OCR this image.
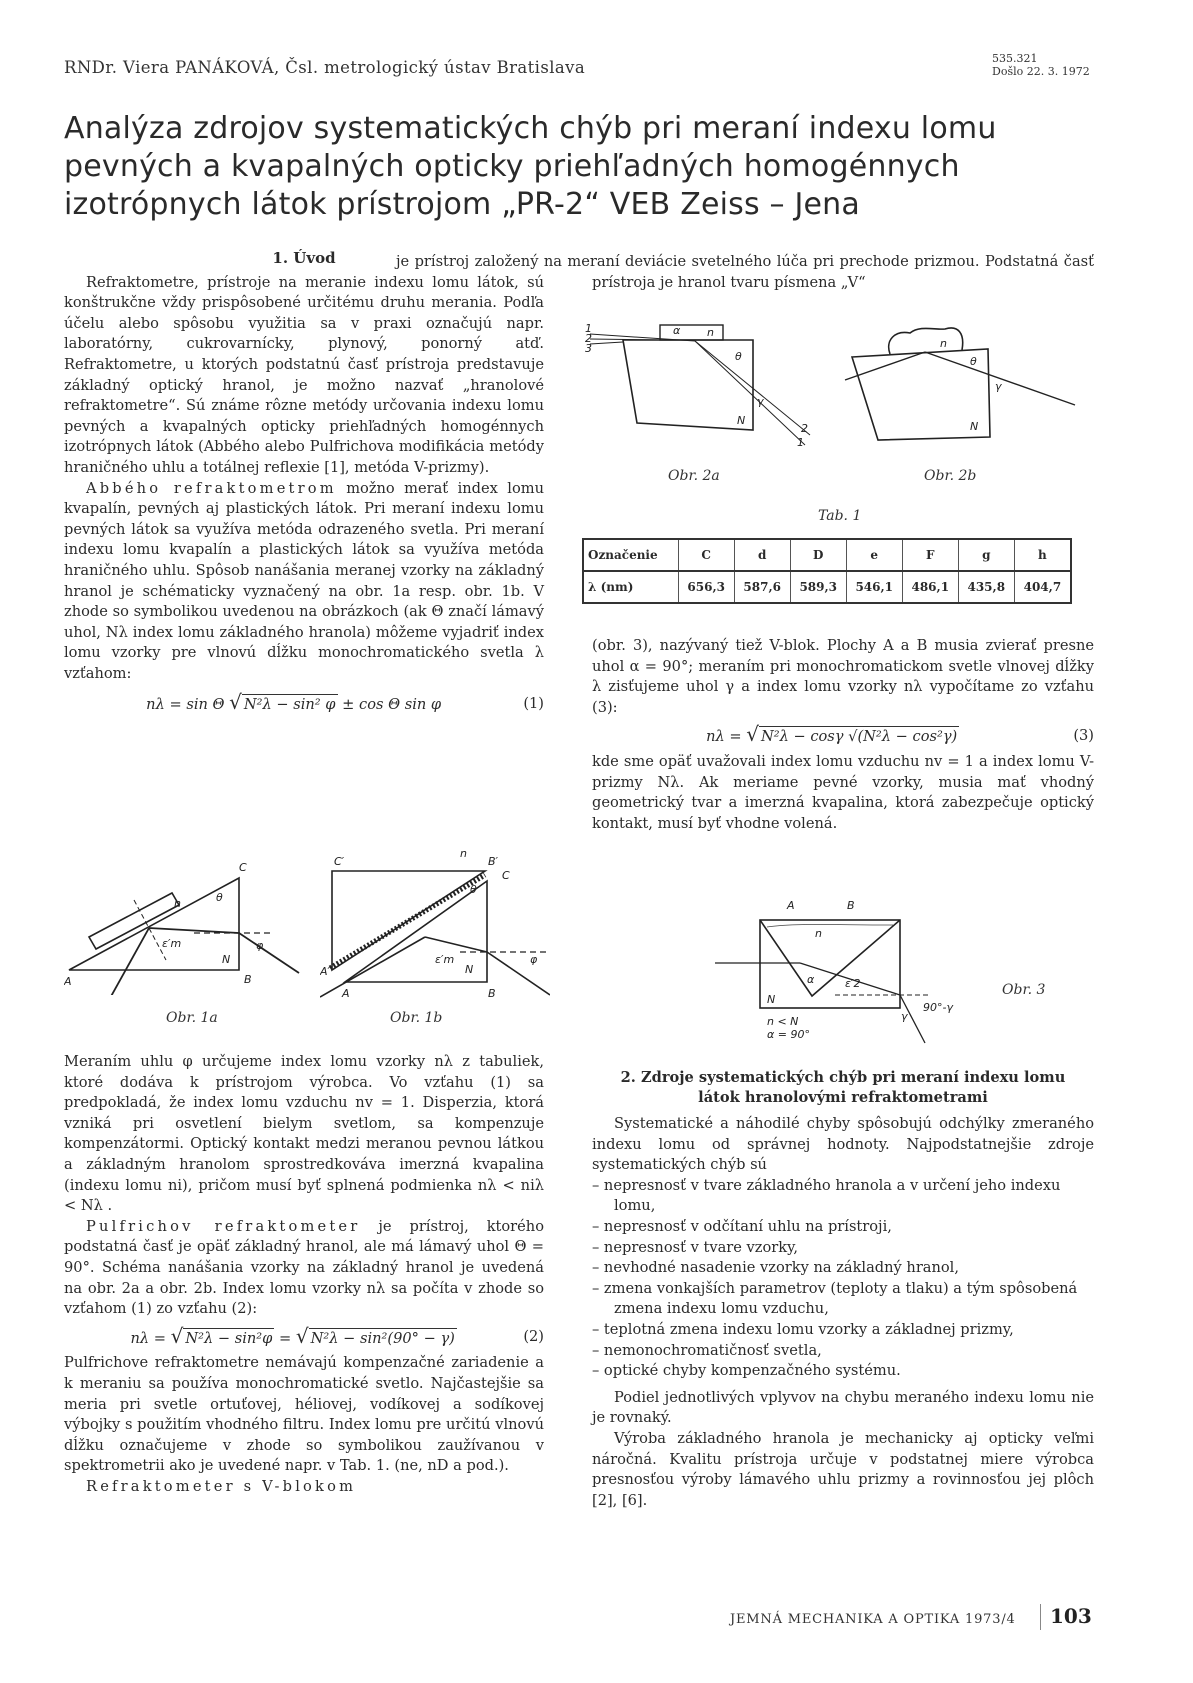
RNDr. Viera PANÁKOVÁ, Čsl. metrologický ústav Bratislava	535.321
Došlo 22. 3. 1972
Analýza zdrojov systematických chýb pri meraní indexu lomu pevných a kvapalných opticky priehľadných homogénnych izotrópnych látok prístrojom „PR-2“ VEB Zeiss – Jena
1. Úvod

Refraktometre, prístroje na meranie indexu lomu látok, sú konštrukčne vždy prispôsobené určitému druhu merania. Podľa účelu alebo spôsobu využitia sa v praxi označujú napr. laboratórny, cukrovarnícky, plynový, ponorný atď. Refraktometre, u ktorých podstatnú časť prístroja predstavuje základný optický hranol, je možno nazvať „hranolové refraktometre“. Sú známe rôzne metódy určovania indexu lomu pevných a kvapalných opticky priehľadných homogénnych izotrópnych látok (Abbého alebo Pulfrichova modifikácia metódy hraničného uhlu a totálnej reflexie [1], metóda V-prizmy).

Abbého refraktometrom možno merať index lomu kvapalín, pevných aj plastických látok. Pri meraní indexu lomu pevných látok sa využíva metóda odrazeného svetla. Pri meraní indexu lomu kvapalín a plastických látok sa využíva metóda hraničného uhlu. Spôsob nanášania meranej vzorky na základný hranol je schématicky vyznačený na obr. 1a resp. obr. 1b. V zhode so symbolikou uvedenou na obrázkoch (ak Θ značí lámavý uhol, Nλ index lomu základného hranola) môžeme vyjadriť index lomu vzorky pre vlnovú dĺžku monochromatického svetla λ vzťahom:

nλ = sin Θ √ N²λ − sin² φ ± cos Θ sin φ	(1)
C
A	B
N
n	θ
ε′m	φ
Obr. 1a
C′	B′
C
A′
A	B
N
n
θ
ε′m	φ
Obr. 1b

Meraním uhlu φ určujeme index lomu vzorky nλ z tabuliek, ktoré dodáva k prístrojom výrobca. Vo vzťahu (1) sa predpokladá, že index lomu vzduchu nv = 1. Disperzia, ktorá vzniká pri osvetlení bielym svetlom, sa kompenzuje kompenzátormi. Optický kontakt medzi meranou pevnou látkou a základným hranolom sprostredkováva imerzná kvapalina (indexu lomu ni), pričom musí byť splnená podmienka nλ < niλ < Nλ .

Pulfrichov refraktometer je prístroj, ktorého podstatná časť je opäť základný hranol, ale má lámavý uhol Θ = 90°. Schéma nanášania vzorky na základný hranol je uvedená na obr. 2a a obr. 2b. Index lomu vzorky nλ sa počíta v zhode so vzťahom (1) zo vzťahu (2):

nλ = √ N²λ − sin²φ = √ N²λ − sin²(90° − γ)	(2)

Pulfrichove refraktometre nemávajú kompenzačné zariadenie a k meraniu sa používa monochromatické svetlo. Najčastejšie sa meria pri svetle ortuťovej, héliovej, vodíkovej a sodíkovej výbojky s použitím vhodného filtru. Index lomu pre určitú vlnovú dĺžku označujeme v zhode so symbolikou zaužívanou v spektrometrii ako je uvedené napr. v Tab. 1. (ne, nD a pod.).

Refraktometer s V-blokom

je prístroj založený na meraní deviácie svetelného lúča pri prechode prizmou. Podstatná časť prístroja je hranol tvaru písmena „V“

1
2
3
α n
θ
γ
N
2
1
Obr. 2a
n
θ
γ
N
Obr. 2b
Tab. 1
Označenie	C	d	D	e	F	g	h
λ (nm)	656,3	587,6	589,3	546,1	486,1	435,8	404,7

(obr. 3), nazývaný tiež V-blok. Plochy A a B musia zvierať presne uhol α = 90°; meraním pri monochromatickom svetle vlnovej dĺžky λ zisťujeme uhol γ a index lomu vzorky nλ vypočítame zo vzťahu (3):

nλ = √ N²λ − cosγ √(N²λ − cos²γ)	(3)

kde sme opäť uvažovali index lomu vzduchu nv = 1 a index lomu V-prizmy Nλ. Ak meriame pevné vzorky, musia mať vhodný geometrický tvar a imerzná kvapalina, ktorá zabezpečuje optický kontakt, musí byť vhodne volená.

A	B
n
α	ε′2
N
γ
90°-γ
n < N
α = 90°
Obr. 3
2. Zdroje systematických chýb pri meraní indexu lomu látok hranolovými refraktometrami

Systematické a náhodilé chyby spôsobujú odchýlky zmeraného indexu lomu od správnej hodnoty. Najpodstatnejšie zdroje systematických chýb sú

– nepresnosť v tvare základného hranola a v určení jeho indexu lomu,
– nepresnosť v odčítaní uhlu na prístroji,
– nepresnosť v tvare vzorky,
– nevhodné nasadenie vzorky na základný hranol,
– zmena vonkajších parametrov (teploty a tlaku) a tým spôsobená zmena indexu lomu vzduchu,
– teplotná zmena indexu lomu vzorky a základnej prizmy,
– nemonochromatičnosť svetla,
– optické chyby kompenzačného systému.

Podiel jednotlivých vplyvov na chybu meraného indexu lomu nie je rovnaký.

Výroba základného hranola je mechanicky aj opticky veľmi náročná. Kvalitu prístroja určuje v podstatnej miere výrobca presnosťou výroby lámavého uhlu prizmy a rovinnosťou jej plôch [2], [6].

JEMNÁ MECHANIKA A OPTIKA 1973/4 103
